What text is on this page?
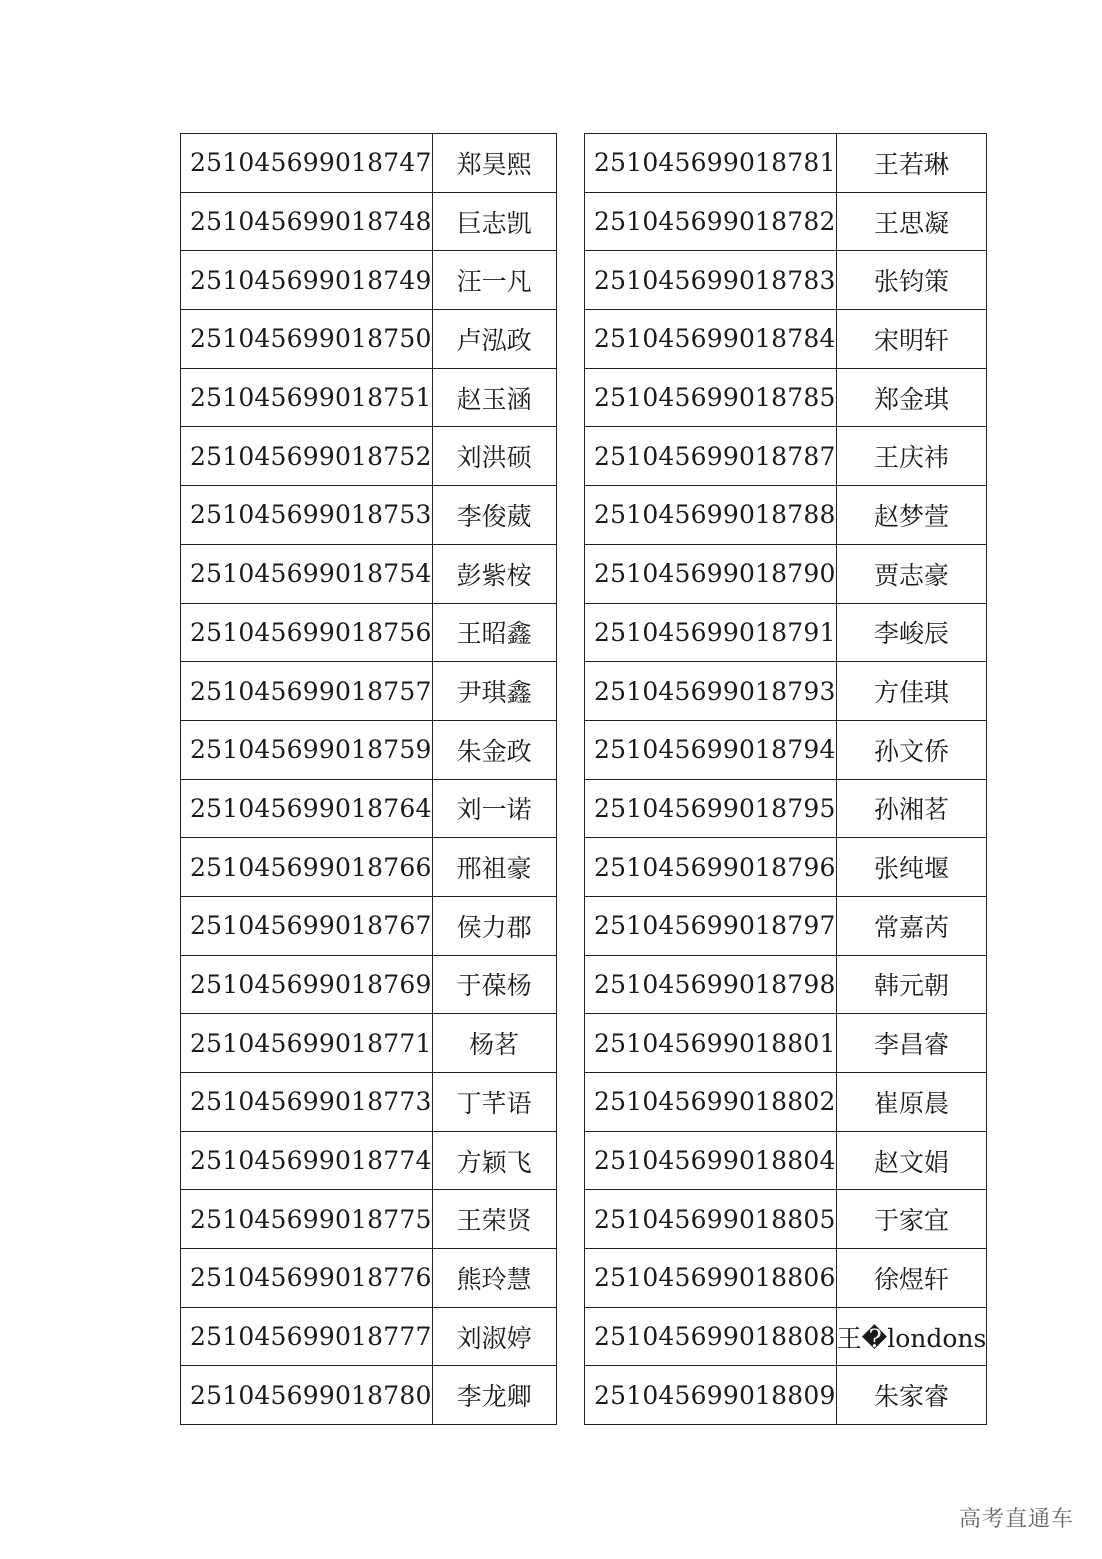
251045699018747	郑昊熙
251045699018748	巨志凯
251045699018749	汪一凡
251045699018750	卢泓政
251045699018751	赵玉涵
251045699018752	刘洪硕
251045699018753	李俊葳
251045699018754	彭紫桉
251045699018756	王昭鑫
251045699018757	尹琪鑫
251045699018759	朱金政
251045699018764	刘一诺
251045699018766	邢祖豪
251045699018767	侯力郡
251045699018769	于葆杨
251045699018771	杨茗
251045699018773	丁芊语
251045699018774	方颖飞
251045699018775	王荣贤
251045699018776	熊玲慧
251045699018777	刘淑婷
251045699018780	李龙卿
251045699018781	王若琳
251045699018782	王思凝
251045699018783	张钧策
251045699018784	宋明轩
251045699018785	郑金琪
251045699018787	王庆祎
251045699018788	赵梦萱
251045699018790	贾志豪
251045699018791	李峻辰
251045699018793	方佳琪
251045699018794	孙文侨
251045699018795	孙湘茗
251045699018796	张纯堰
251045699018797	常嘉芮
251045699018798	韩元朝
251045699018801	李昌睿
251045699018802	崔原晨
251045699018804	赵文娟
251045699018805	于家宜
251045699018806	徐煜轩
251045699018808	王�londons
251045699018809	朱家睿
高考直通车
